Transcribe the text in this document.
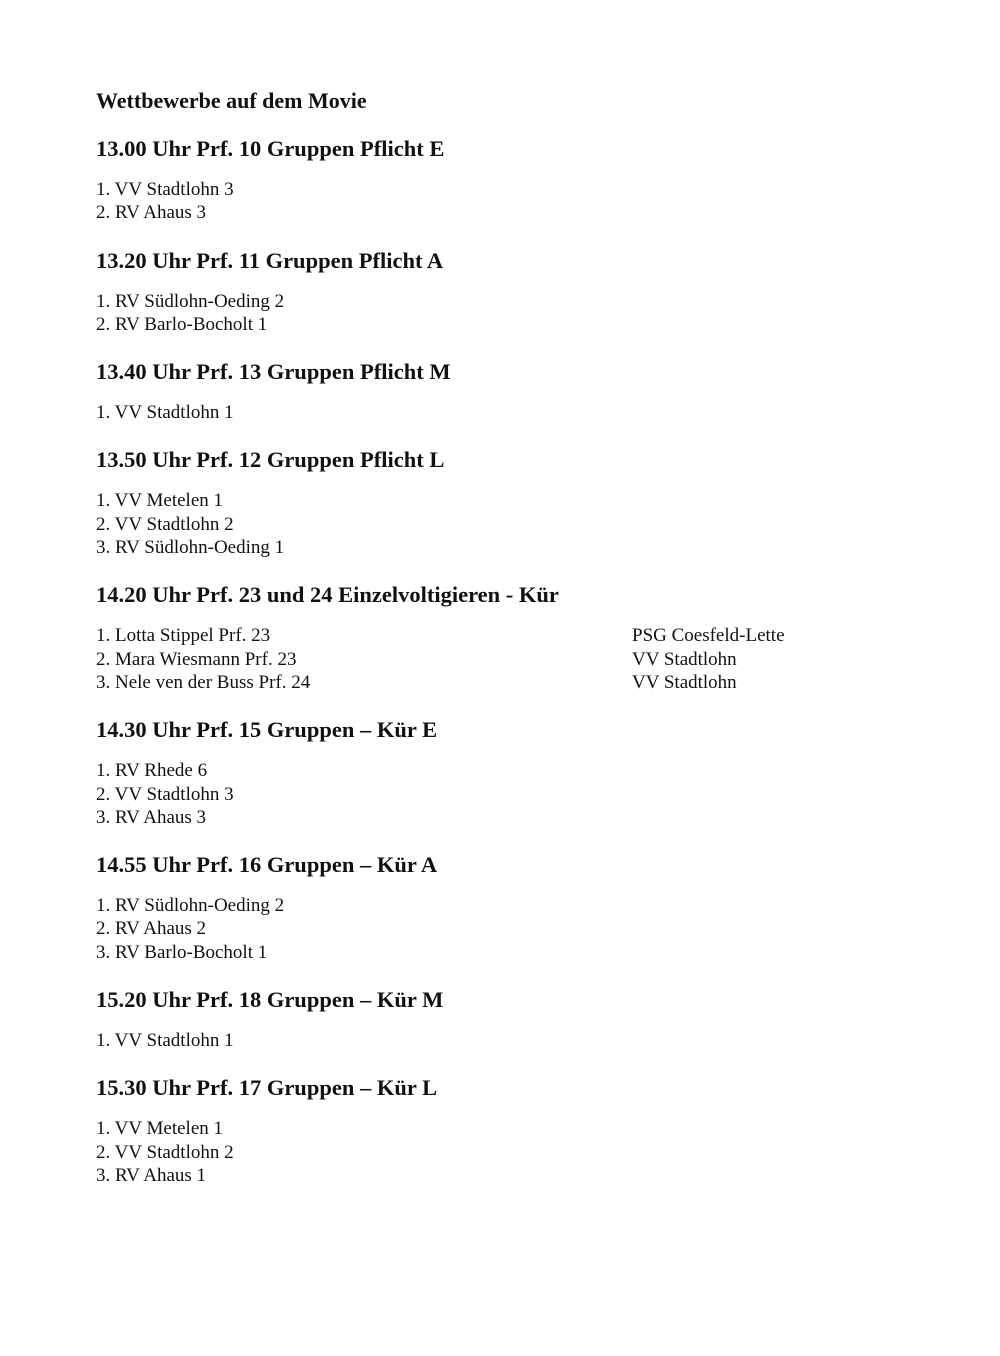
Wettbewerbe auf dem Movie
13.00 Uhr Prf. 10 Gruppen Pflicht E
1. VV Stadtlohn 3
2. RV Ahaus 3
13.20 Uhr Prf. 11 Gruppen Pflicht A
1. RV Südlohn-Oeding 2
2. RV Barlo-Bocholt 1
13.40 Uhr Prf. 13 Gruppen Pflicht M
1. VV Stadtlohn 1
13.50 Uhr Prf. 12 Gruppen Pflicht L
1. VV Metelen 1
2. VV Stadtlohn 2
3. RV Südlohn-Oeding 1
14.20 Uhr Prf. 23 und 24 Einzelvoltigieren - Kür
1. Lotta Stippel Prf. 23	PSG Coesfeld-Lette
2. Mara Wiesmann Prf. 23	VV Stadtlohn
3. Nele ven der Buss Prf. 24	VV Stadtlohn
14.30 Uhr Prf. 15 Gruppen – Kür E
1. RV Rhede 6
2. VV Stadtlohn 3
3. RV Ahaus 3
14.55 Uhr Prf. 16 Gruppen – Kür A
1. RV Südlohn-Oeding 2
2. RV Ahaus 2
3. RV Barlo-Bocholt 1
15.20 Uhr Prf. 18 Gruppen – Kür M
1. VV Stadtlohn 1
15.30 Uhr Prf. 17 Gruppen – Kür L
1. VV Metelen 1
2. VV Stadtlohn 2
3. RV Ahaus 1
